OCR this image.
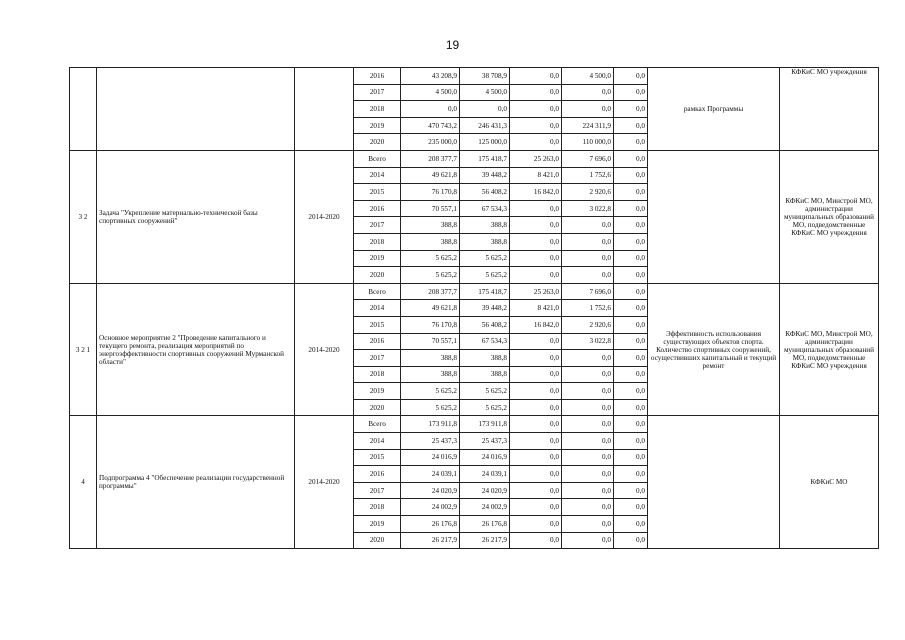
19
			2016	43 208,9	38 708,9	0,0	4 500,0	0,0	рамках Программы	КФКиС МО учреждения
			2017	4 500,0	4 500,0	0,0	0,0	0,0		
			2018	0,0	0,0	0,0	0,0	0,0		
			2019	470 743,2	246 431,3	0,0	224 311,9	0,0		
			2020	235 000,0	125 000,0	0,0	110 000,0	0,0		
3 2	Задача "Укрепление материально-технической базы спортивных сооружений"	2014-2020	Всего	208 377,7	175 418,7	25 263,0	7 696,0	0,0		КФКиС МО, Минстрой МО, администрации муниципальных образований МО, подведомственные КФКиС МО учреждения
			2014	49 621,8	39 448,2	8 421,0	1 752,6	0,0		
			2015	76 170,8	56 408,2	16 842,0	2 920,6	0,0		
			2016	70 557,1	67 534,3	0,0	3 022,8	0,0		
			2017	388,8	388,8	0,0	0,0	0,0		
			2018	388,8	388,8	0,0	0,0	0,0		
			2019	5 625,2	5 625,2	0,0	0,0	0,0		
			2020	5 625,2	5 625,2	0,0	0,0	0,0		
3 2 1	Основное мероприятие 2 "Проведение капитального и текущего ремонта, реализация мероприятий по энергоэффективности спортивных сооружений Мурманской области"	2014-2020	Всего	208 377,7	175 418,7	25 263,0	7 696,0	0,0	Эффективность использования существующих объектов спорта. Количество спортивных сооружений, осуществивших капитальный и текущий ремонт	КФКиС МО, Минстрой МО, администрации муниципальных образований МО, подведомственные КФКиС МО учреждения
			2014	49 621,8	39 448,2	8 421,0	1 752,6	0,0		
			2015	76 170,8	56 408,2	16 842,0	2 920,6	0,0		
			2016	70 557,1	67 534,3	0,0	3 022,8	0,0		
			2017	388,8	388,8	0,0	0,0	0,0		
			2018	388,8	388,8	0,0	0,0	0,0		
			2019	5 625,2	5 625,2	0,0	0,0	0,0		
			2020	5 625,2	5 625,2	0,0	0,0	0,0		
4	Подпрограмма 4 "Обеспечение реализации государственной программы"	2014-2020	Всего	173 911,8	173 911,8	0,0	0,0	0,0		КФКиС МО
			2014	25 437,3	25 437,3	0,0	0,0	0,0		
			2015	24 016,9	24 016,9	0,0	0,0	0,0		
			2016	24 039,1	24 039,1	0,0	0,0	0,0		
			2017	24 020,9	24 020,9	0,0	0,0	0,0		
			2018	24 002,9	24 002,9	0,0	0,0	0,0		
			2019	26 176,8	26 176,8	0,0	0,0	0,0		
			2020	26 217,9	26 217,9	0,0	0,0	0,0		
